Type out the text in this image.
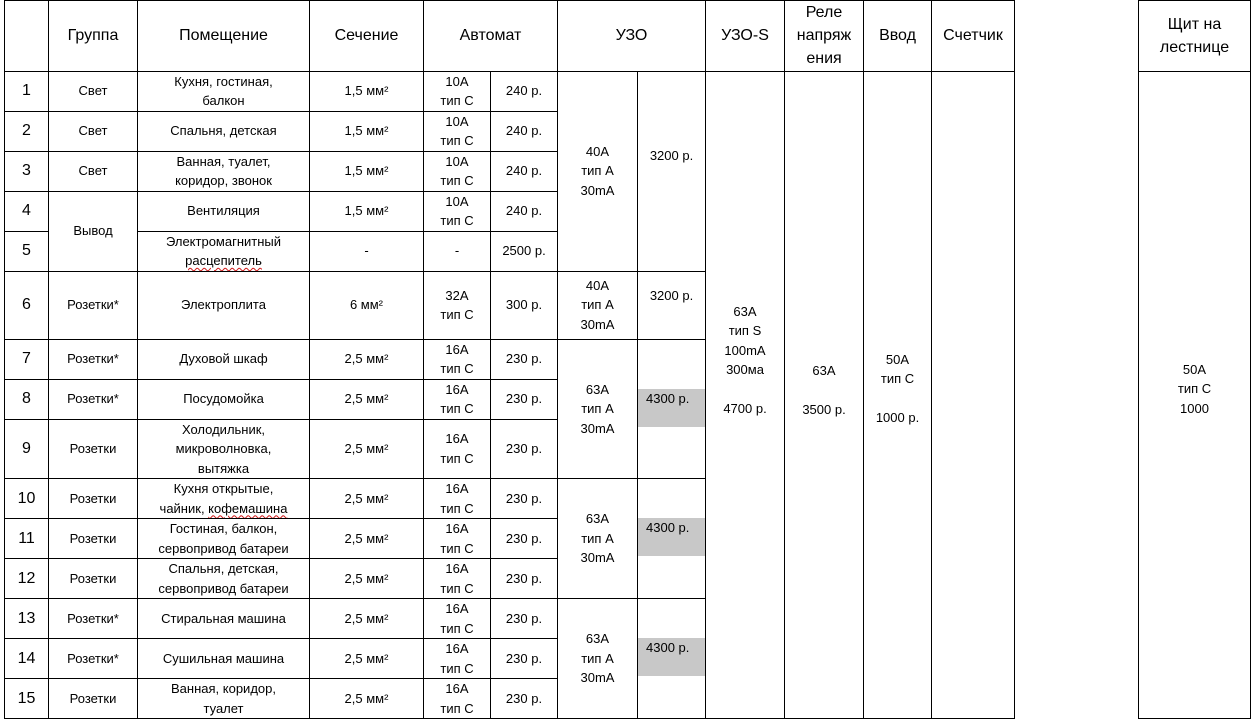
	Группа	Помещение	Сечение	Автомат		УЗО		УЗО-S	Реле
напряж
ения	Ввод	Счетчик		Щит на
лестнице
1	Свет	Кухня, гостиная,
балкон	1,5 мм²	10А
тип С	240 р.	40А
тип А
30mA	3200 р.	63А
тип S
100mA
300ма

4700 р.	63А

3500 р.	50А
тип С

1000 р.			50А
тип С
1000
2	Свет	Спальня, детская	1,5 мм²	10А
тип С	240 р.								
3	Свет	Ванная, туалет,
коридор, звонок	1,5 мм²	10А
тип С	240 р.								
4	Вывод	Вентиляция	1,5 мм²	10А
тип С	240 р.								
5		Электромагнитный
расцепитель	-	-	2500 р.								
6	Розетки*	Электроплита	6 мм²	32А
тип С	300 р.	40А
тип А
30mA	3200 р.						
7	Розетки*	Духовой шкаф	2,5 мм²	16А
тип С	230 р.	63А
тип А
30mA	4300 р.						

8	Розетки*	Посудомойка	2,5 мм²	16А
тип С	230 р.								
9	Розетки	Холодильник,
микроволновка,
вытяжка	2,5 мм²	16А
тип С	230 р.								
10	Розетки	Кухня открытые,
чайник, кофемашина	2,5 мм²	16А
тип С	230 р.	63А
тип А
30mA	4300 р.						

11	Розетки	Гостиная, балкон,
сервопривод батареи	2,5 мм²	16А
тип С	230 р.								
12	Розетки	Спальня, детская,
сервопривод батареи	2,5 мм²	16А
тип С	230 р.								
13	Розетки*	Стиральная машина	2,5 мм²	16А
тип С	230 р.	63А
тип А
30mA	4300 р.						

14	Розетки*	Сушильная машина	2,5 мм²	16А
тип С	230 р.								
15	Розетки	Ванная, коридор,
туалет	2,5 мм²	16А
тип С	230 р.								
